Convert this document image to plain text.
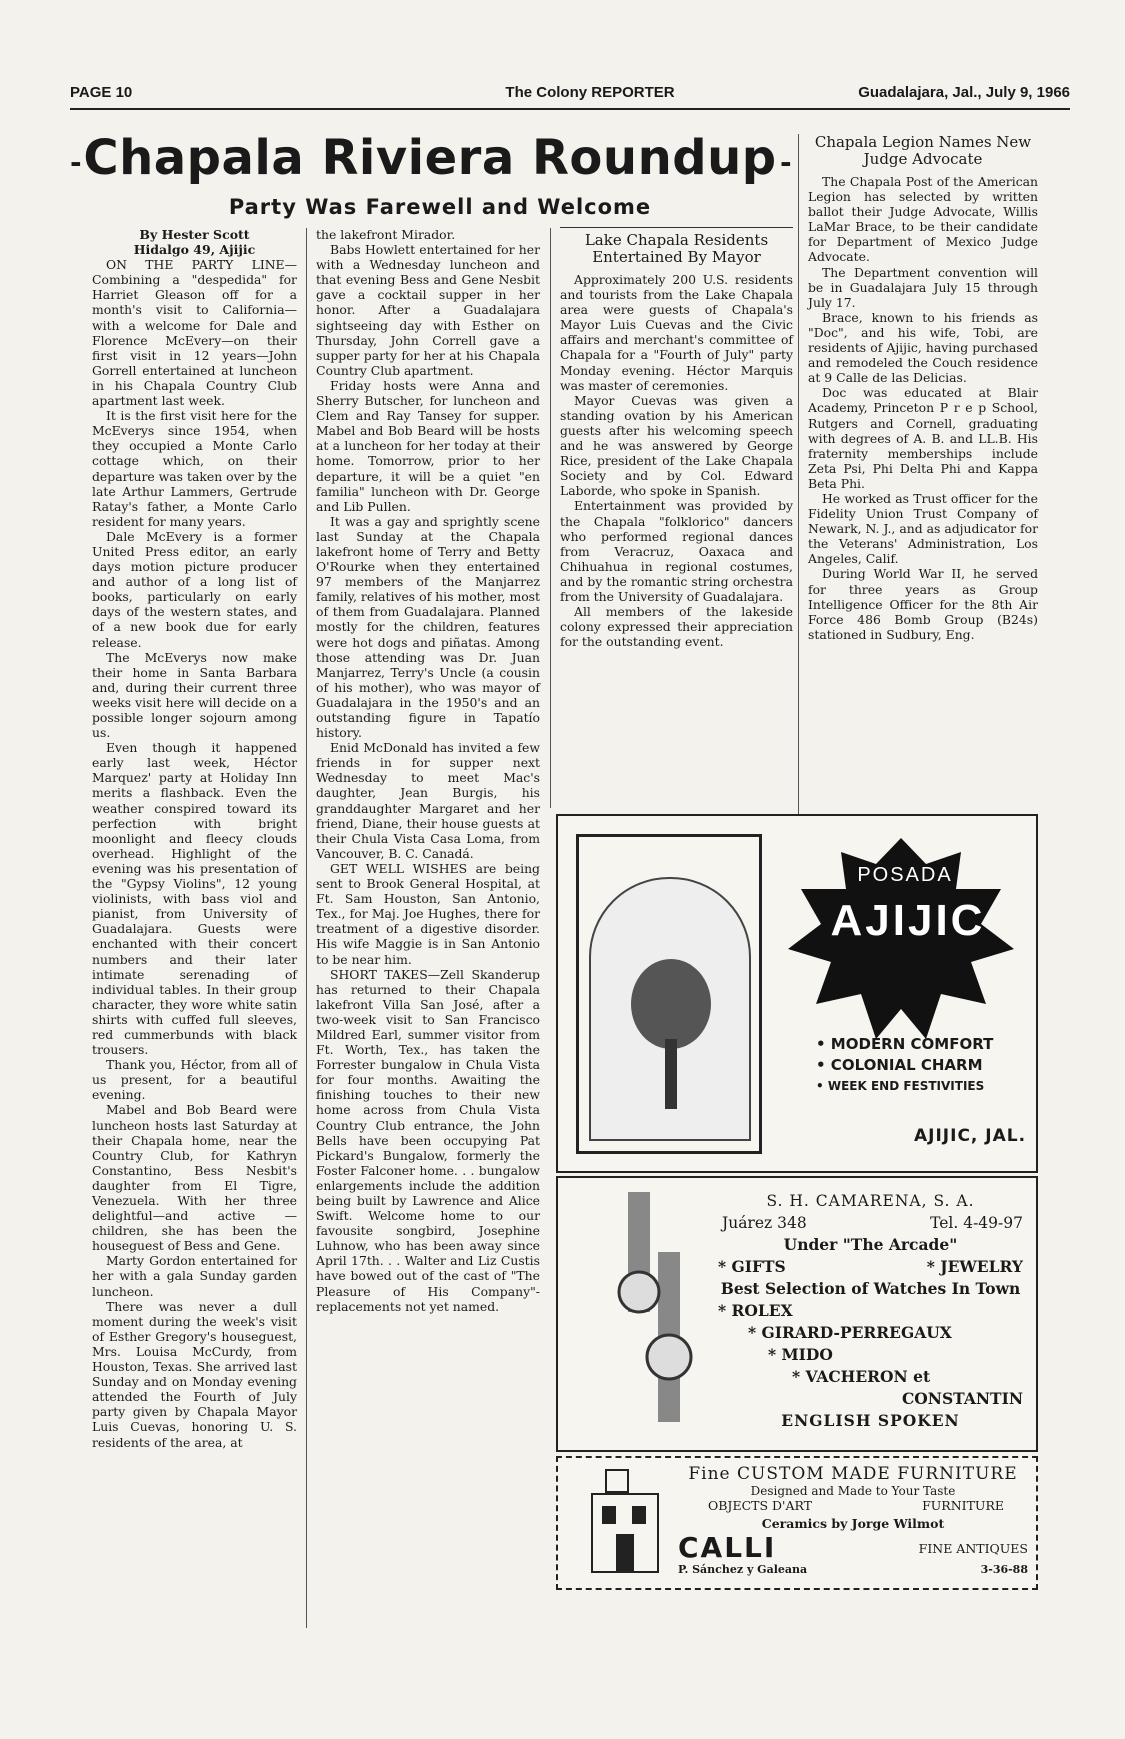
PAGE 10	The Colony REPORTER	Guadalajara, Jal., July 9, 1966
- Chapala Riviera Roundup -
Party Was Farewell and Welcome

By Hester Scott

Hidalgo 49, Ajijic

ON THE PARTY LINE— Combining a "despedida" for Harriet Gleason off for a month's visit to California— with a welcome for Dale and Florence McEvery—on their first visit in 12 years—John Gorrell entertained at luncheon in his Chapala Country Club apartment last week.

It is the first visit here for the McEverys since 1954, when they occupied a Monte Carlo cottage which, on their departure was taken over by the late Arthur Lammers, Gertrude Ratay's father, a Monte Carlo resident for many years.

Dale McEvery is a former United Press editor, an early days motion picture producer and author of a long list of books, particularly on early days of the western states, and of a new book due for early release.

The McEverys now make their home in Santa Barbara and, during their current three weeks visit here will decide on a possible longer sojourn among us.

Even though it happened early last week, Héctor Marquez' party at Holiday Inn merits a flashback. Even the weather conspired toward its perfection with bright moonlight and fleecy clouds overhead. Highlight of the evening was his presentation of the "Gypsy Violins", 12 young violinists, with bass viol and pianist, from University of Guadalajara. Guests were enchanted with their concert numbers and their later intimate serenading of individual tables. In their group character, they wore white satin shirts with cuffed full sleeves, red cummerbunds with black trousers.

Thank you, Héctor, from all of us present, for a beautiful evening.

Mabel and Bob Beard were luncheon hosts last Saturday at their Chapala home, near the Country Club, for Kathryn Constantino, Bess Nesbit's daughter from El Tigre, Venezuela. With her three delightful—and active —children, she has been the houseguest of Bess and Gene.

Marty Gordon entertained for her with a gala Sunday garden luncheon.

There was never a dull moment during the week's visit of Esther Gregory's houseguest, Mrs. Louisa McCurdy, from Houston, Texas. She arrived last Sunday and on Monday evening attended the Fourth of July party given by Chapala Mayor Luis Cuevas, honoring U. S. residents of the area, at

the lakefront Mirador.

Babs Howlett entertained for her with a Wednesday luncheon and that evening Bess and Gene Nesbit gave a cocktail supper in her honor. After a Guadalajara sightseeing day with Esther on Thursday, John Correll gave a supper party for her at his Chapala Country Club apartment.

Friday hosts were Anna and Sherry Butscher, for luncheon and Clem and Ray Tansey for supper. Mabel and Bob Beard will be hosts at a luncheon for her today at their home. Tomorrow, prior to her departure, it will be a quiet "en familia" luncheon with Dr. George and Lib Pullen.

It was a gay and sprightly scene last Sunday at the Chapala lakefront home of Terry and Betty O'Rourke when they entertained 97 members of the Manjarrez family, relatives of his mother, most of them from Guadalajara. Planned mostly for the children, features were hot dogs and piñatas. Among those attending was Dr. Juan Manjarrez, Terry's Uncle (a cousin of his mother), who was mayor of Guadalajara in the 1950's and an outstanding figure in Tapatío history.

Enid McDonald has invited a few friends in for supper next Wednesday to meet Mac's daughter, Jean Burgis, his granddaughter Margaret and her friend, Diane, their house guests at their Chula Vista Casa Loma, from Vancouver, B. C. Canadá.

GET WELL WISHES are being sent to Brook General Hospital, at Ft. Sam Houston, San Antonio, Tex., for Maj. Joe Hughes, there for treatment of a digestive disorder. His wife Maggie is in San Antonio to be near him.

SHORT TAKES—Zell Skanderup has returned to their Chapala lakefront Villa San José, after a two-week visit to San Francisco Mildred Earl, summer visitor from Ft. Worth, Tex., has taken the Forrester bungalow in Chula Vista for four months. Awaiting the finishing touches to their new home across from Chula Vista Country Club entrance, the John Bells have been occupying Pat Pickard's Bungalow, formerly the Foster Falconer home. . . bungalow enlargements include the addition being built by Lawrence and Alice Swift. Welcome home to our favousite songbird, Josephine Luhnow, who has been away since April 17th. . . Walter and Liz Custis have bowed out of the cast of "The Pleasure of His Company"- replacements not yet named.

Lake Chapala Residents Entertained By Mayor

Approximately 200 U.S. residents and tourists from the Lake Chapala area were guests of Chapala's Mayor Luis Cuevas and the Civic affairs and merchant's committee of Chapala for a "Fourth of July" party Monday evening. Héctor Marquis was master of ceremonies.

Mayor Cuevas was given a standing ovation by his American guests after his welcoming speech and he was answered by George Rice, president of the Lake Chapala Society and by Col. Edward Laborde, who spoke in Spanish.

Entertainment was provided by the Chapala "folklorico" dancers who performed regional dances from Veracruz, Oaxaca and Chihuahua in regional costumes, and by the romantic string orchestra from the University of Guadalajara.

All members of the lakeside colony expressed their appreciation for the outstanding event.

Chapala Legion Names New Judge Advocate

The Chapala Post of the American Legion has selected by written ballot their Judge Advocate, Willis LaMar Brace, to be their candidate for Department of Mexico Judge Advocate.

The Department convention will be in Guadalajara July 15 through July 17.

Brace, known to his friends as "Doc", and his wife, Tobi, are residents of Ajijic, having purchased and remodeled the Couch residence at 9 Calle de las Delicias.

Doc was educated at Blair Academy, Princeton P r e p School, Rutgers and Cornell, graduating with degrees of A. B. and LL.B. His fraternity memberships include Zeta Psi, Phi Delta Phi and Kappa Beta Phi.

He worked as Trust officer for the Fidelity Union Trust Company of Newark, N. J., and as adjudicator for the Veterans' Administration, Los Angeles, Calif.

During World War II, he served for three years as Group Intelligence Officer for the 8th Air Force 486 Bomb Group (B24s) stationed in Sudbury, Eng.

POSADA
AJIJIC
• MODERN COMFORT
• COLONIAL CHARM
• WEEK END FESTIVITIES
AJIJIC, JAL.
S. H. CAMARENA, S. A.
Juárez 348	Tel. 4-49-97
Under "The Arcade"
* GIFTS	* JEWELRY
Best Selection of Watches In Town
* ROLEX
* GIRARD-PERREGAUX
* MIDO
* VACHERON et
CONSTANTIN
ENGLISH SPOKEN
Fine CUSTOM MADE FURNITURE
Designed and Made to Your Taste
OBJECTS D'ART	FURNITURE
Ceramics by Jorge Wilmot
CALLI	FINE ANTIQUES
P. Sánchez y Galeana	3-36-88
